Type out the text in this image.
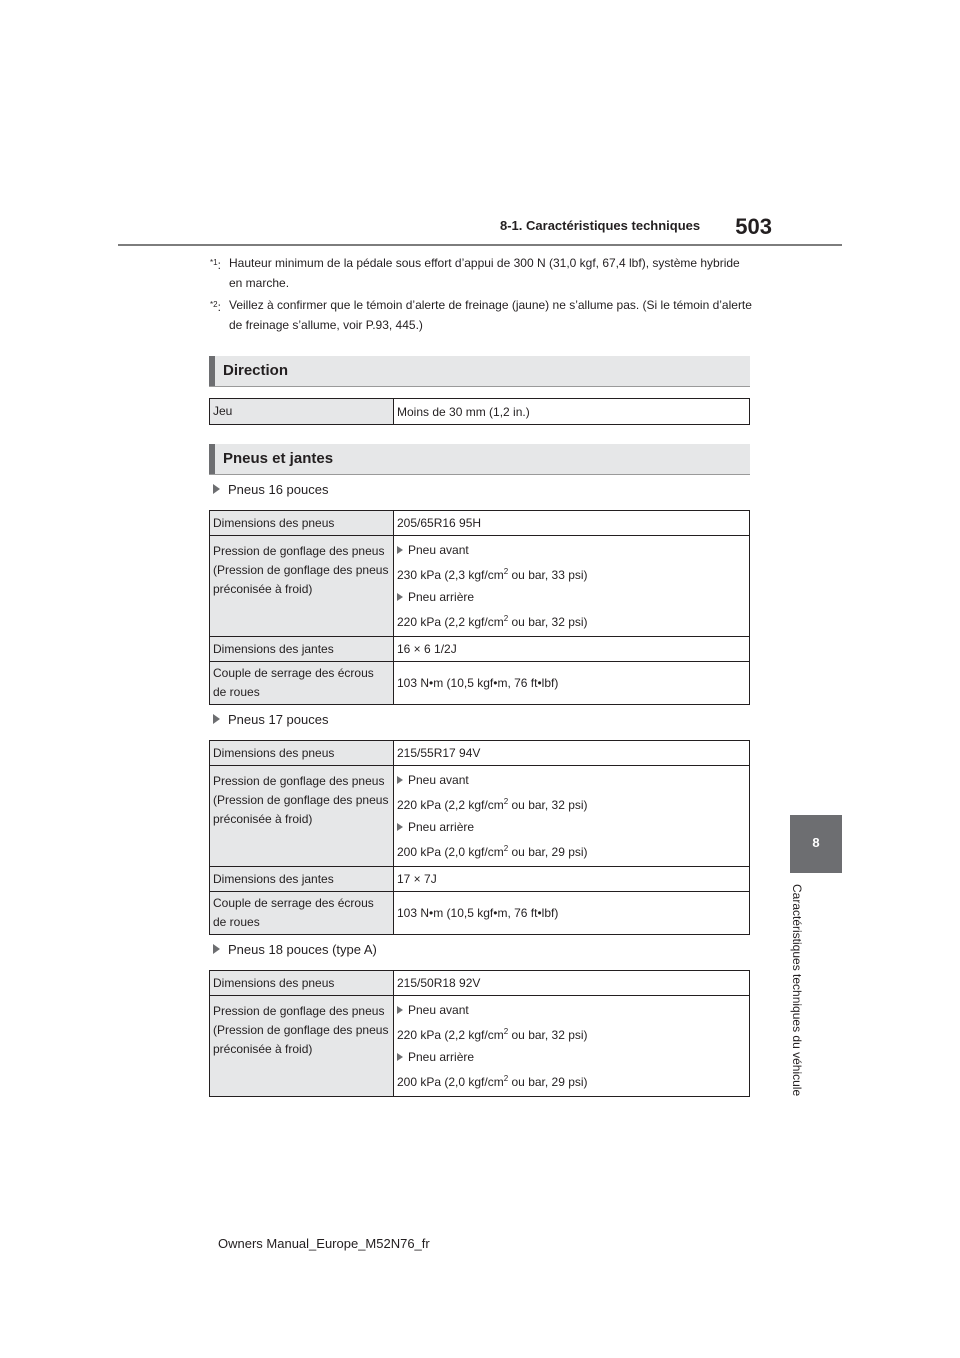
8-1. Caractéristiques techniques 503
$^{*1}$: Hauteur minimum de la pédale sous effort d’appui de 300 N (31,0 kgf, 67,4 lbf), système hybride en marche.
$^{*2}$: Veillez à confirmer que le témoin d’alerte de freinage (jaune) ne s’allume pas. (Si le témoin d’alerte de freinage s’allume, voir P.93, 445.)
Direction
Jeu	Moins de 30 mm (1,2 in.)
Pneus et jantes
Pneus 16 pouces
Dimensions des pneus	205/65R16 95H
Pression de gonflage des pneus (Pression de gonflage des pneus préconisée à froid)	Pneu avant
230 kPa (2,3 kgf/$cm^2$ ou bar, 33 psi)
Pneu arrière
220 kPa (2,2 kgf/$cm^2$ ou bar, 32 psi)

Dimensions des jantes	16 × 6 1/2J
Couple de serrage des écrous de roues	103 N•m (10,5 kgf•m, 76 ft•lbf)
Pneus 17 pouces
Dimensions des pneus	215/55R17 94V
Pression de gonflage des pneus (Pression de gonflage des pneus préconisée à froid)	Pneu avant
220 kPa (2,2 kgf/$cm^2$ ou bar, 32 psi)
Pneu arrière
200 kPa (2,0 kgf/$cm^2$ ou bar, 29 psi)

Dimensions des jantes	17 × 7J
Couple de serrage des écrous de roues	103 N•m (10,5 kgf•m, 76 ft•lbf)
Pneus 18 pouces (type A)
Dimensions des pneus	215/50R18 92V
Pression de gonflage des pneus (Pression de gonflage des pneus préconisée à froid)	Pneu avant
220 kPa (2,2 kgf/$cm^2$ ou bar, 32 psi)
Pneu arrière
200 kPa (2,0 kgf/$cm^2$ ou bar, 29 psi)
8
Caractéristiques techniques du véhicule
Owners Manual_Europe_M52N76_fr
